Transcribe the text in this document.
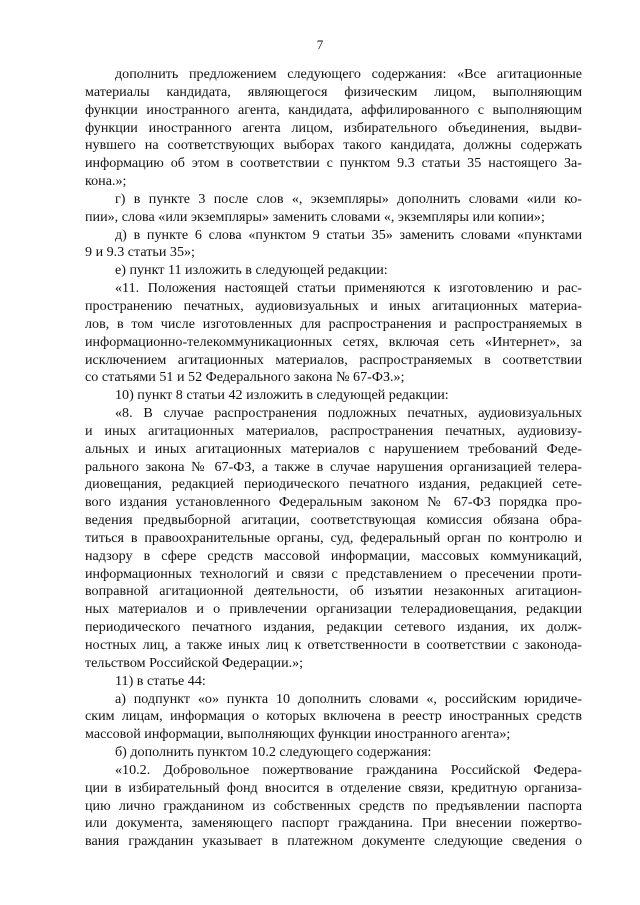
7
дополнить предложением следующего содержания: «Все агитационные
материалы кандидата, являющегося физическим лицом, выполняющим
функции иностранного агента, кандидата, аффилированного с выполняющим
функции иностранного агента лицом, избирательного объединения, выдви-
нувшего на соответствующих выборах такого кандидата, должны содержать
информацию об этом в соответствии с пунктом 9.3 статьи 35 настоящего За-
кона.»;
г) в пункте 3 после слов «, экземпляры» дополнить словами «или ко-
пии», слова «или экземпляры» заменить словами «, экземпляры или копии»;
д) в пункте 6 слова «пунктом 9 статьи 35» заменить словами «пунктами
9 и 9.3 статьи 35»;
е) пункт 11 изложить в следующей редакции:
«11. Положения настоящей статьи применяются к изготовлению и рас-
пространению печатных, аудиовизуальных и иных агитационных материа-
лов, в том числе изготовленных для распространения и распространяемых в
информационно-телекоммуникационных сетях, включая сеть «Интернет», за
исключением агитационных материалов, распространяемых в соответствии
со статьями 51 и 52 Федерального закона № 67-ФЗ.»;
10) пункт 8 статьи 42 изложить в следующей редакции:
«8. В случае распространения подложных печатных, аудиовизуальных
и иных агитационных материалов, распространения печатных, аудиовизу-
альных и иных агитационных материалов с нарушением требований Феде-
рального закона № 67-ФЗ, а также в случае нарушения организацией телера-
диовещания, редакцией периодического печатного издания, редакцией сете-
вого издания установленного Федеральным законом № 67-ФЗ порядка про-
ведения предвыборной агитации, соответствующая комиссия обязана обра-
титься в правоохранительные органы, суд, федеральный орган по контролю и
надзору в сфере средств массовой информации, массовых коммуникаций,
информационных технологий и связи с представлением о пресечении проти-
воправной агитационной деятельности, об изъятии незаконных агитацион-
ных материалов и о привлечении организации телерадиовещания, редакции
периодического печатного издания, редакции сетевого издания, их долж-
ностных лиц, а также иных лиц к ответственности в соответствии с законода-
тельством Российской Федерации.»;
11) в статье 44:
а) подпункт «о» пункта 10 дополнить словами «, российским юридиче-
ским лицам, информация о которых включена в реестр иностранных средств
массовой информации, выполняющих функции иностранного агента»;
б) дополнить пунктом 10.2 следующего содержания:
«10.2. Добровольное пожертвование гражданина Российской Федера-
ции в избирательный фонд вносится в отделение связи, кредитную организа-
цию лично гражданином из собственных средств по предъявлении паспорта
или документа, заменяющего паспорт гражданина. При внесении пожертво-
вания гражданин указывает в платежном документе следующие сведения о
